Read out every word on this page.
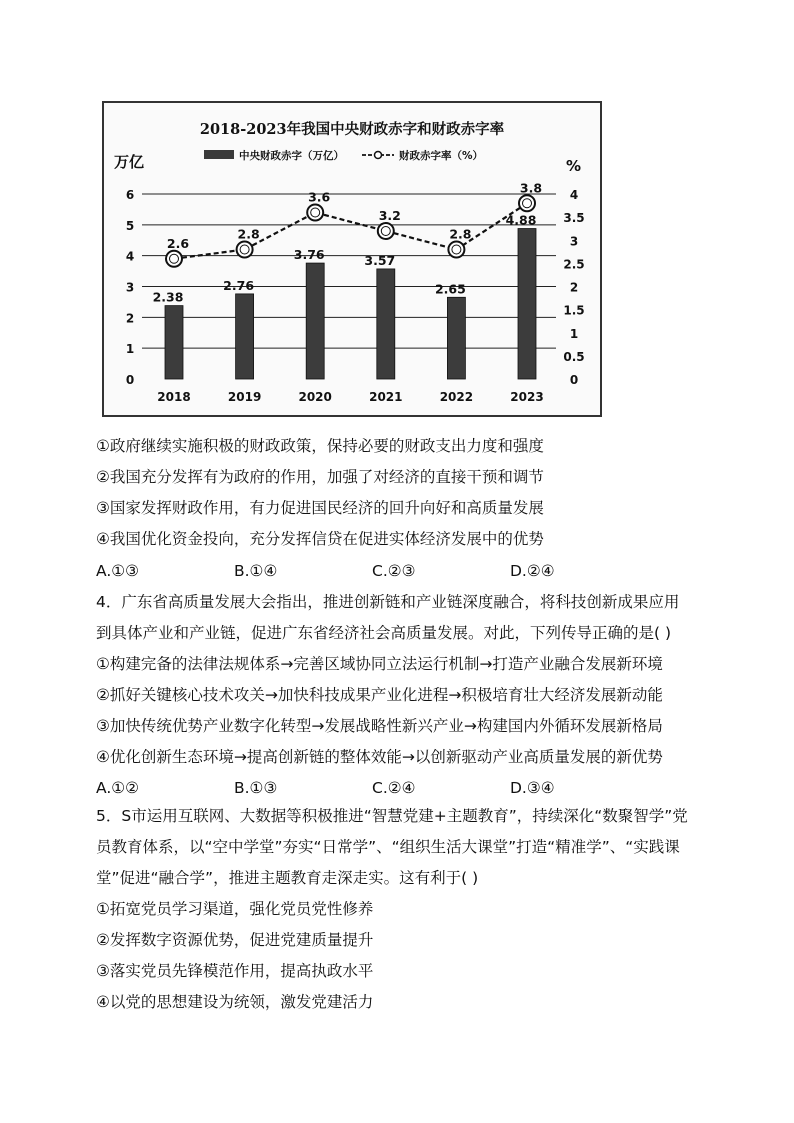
2018-2023年我国中央财政赤字和财政赤字率
万亿	%
中央财政赤字（万亿）	财政赤字率（%）
0
1
2
3
4
5
6
0
0.5
1
1.5
2
2.5
3
3.5
4
2.38
2.76
3.76	3.57
2.65
4.88
2018	2019	2020	2021	2022	2023
2.6
2.8
3.6
3.2
2.8
3.8
①政府继续实施积极的财政政策，保持必要的财政支出力度和强度
②我国充分发挥有为政府的作用，加强了对经济的直接干预和调节
③国家发挥财政作用，有力促进国民经济的回升向好和高质量发展
④我国优化资金投向，充分发挥信贷在促进实体经济发展中的优势
A.①③	B.①④	C.②③	D.②④
4．广东省高质量发展大会指出，推进创新链和产业链深度融合，将科技创新成果应用
到具体产业和产业链，促进广东省经济社会高质量发展。对此，下列传导正确的是( )
①构建完备的法律法规体系→完善区域协同立法运行机制→打造产业融合发展新环境
②抓好关键核心技术攻关→加快科技成果产业化进程→积极培育壮大经济发展新动能
③加快传统优势产业数字化转型→发展战略性新兴产业→构建国内外循环发展新格局
④优化创新生态环境→提高创新链的整体效能→以创新驱动产业高质量发展的新优势
A.①②	B.①③	C.②④	D.③④
5．S市运用互联网、大数据等积极推进“智慧党建+主题教育”，持续深化“数聚智学”党
员教育体系，以“空中学堂”夯实“日常学”、“组织生活大课堂”打造“精准学”、“实践课
堂”促进“融合学”，推进主题教育走深走实。这有利于( )
①拓宽党员学习渠道，强化党员党性修养
②发挥数字资源优势，促进党建质量提升
③落实党员先锋模范作用，提高执政水平
④以党的思想建设为统领，激发党建活力
